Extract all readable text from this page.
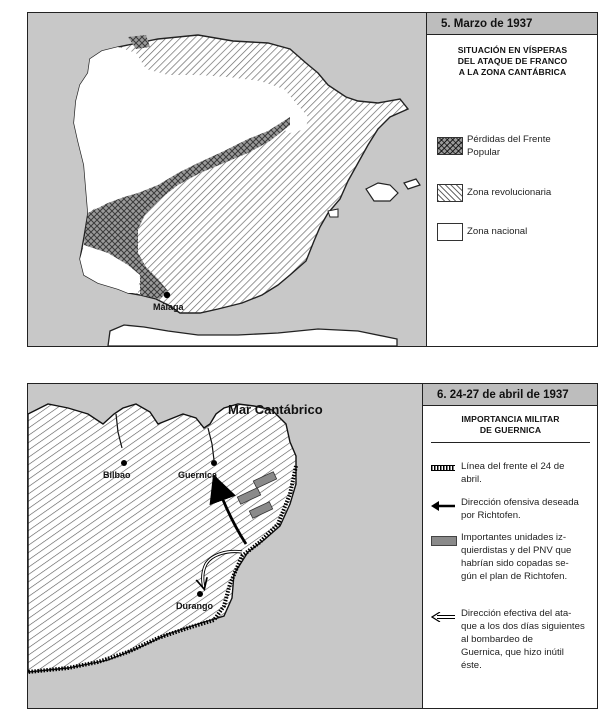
Málaga
5. Marzo de 1937
SITUACIÓN EN VÍSPERAS
DEL ATAQUE DE FRANCO
A LA ZONA CANTÁBRICA
Pérdidas del Frente
Popular
Zona revolucionaria
Zona nacional
Mar Cantábrico
Bilbao	Guernica
Durango
6. 24-27 de abril de 1937
IMPORTANCIA MILITAR
DE GUERNICA
Línea del frente el 24 de
abril.
Dirección ofensiva deseada
por Richtofen.
Importantes unidades iz-
quierdistas y del PNV que
habrían sido copadas se-
gún el plan de Richtofen.
Dirección efectiva del ata-
que a los dos días siguientes
al bombardeo de
Guernica, que hizo inútil
éste.
